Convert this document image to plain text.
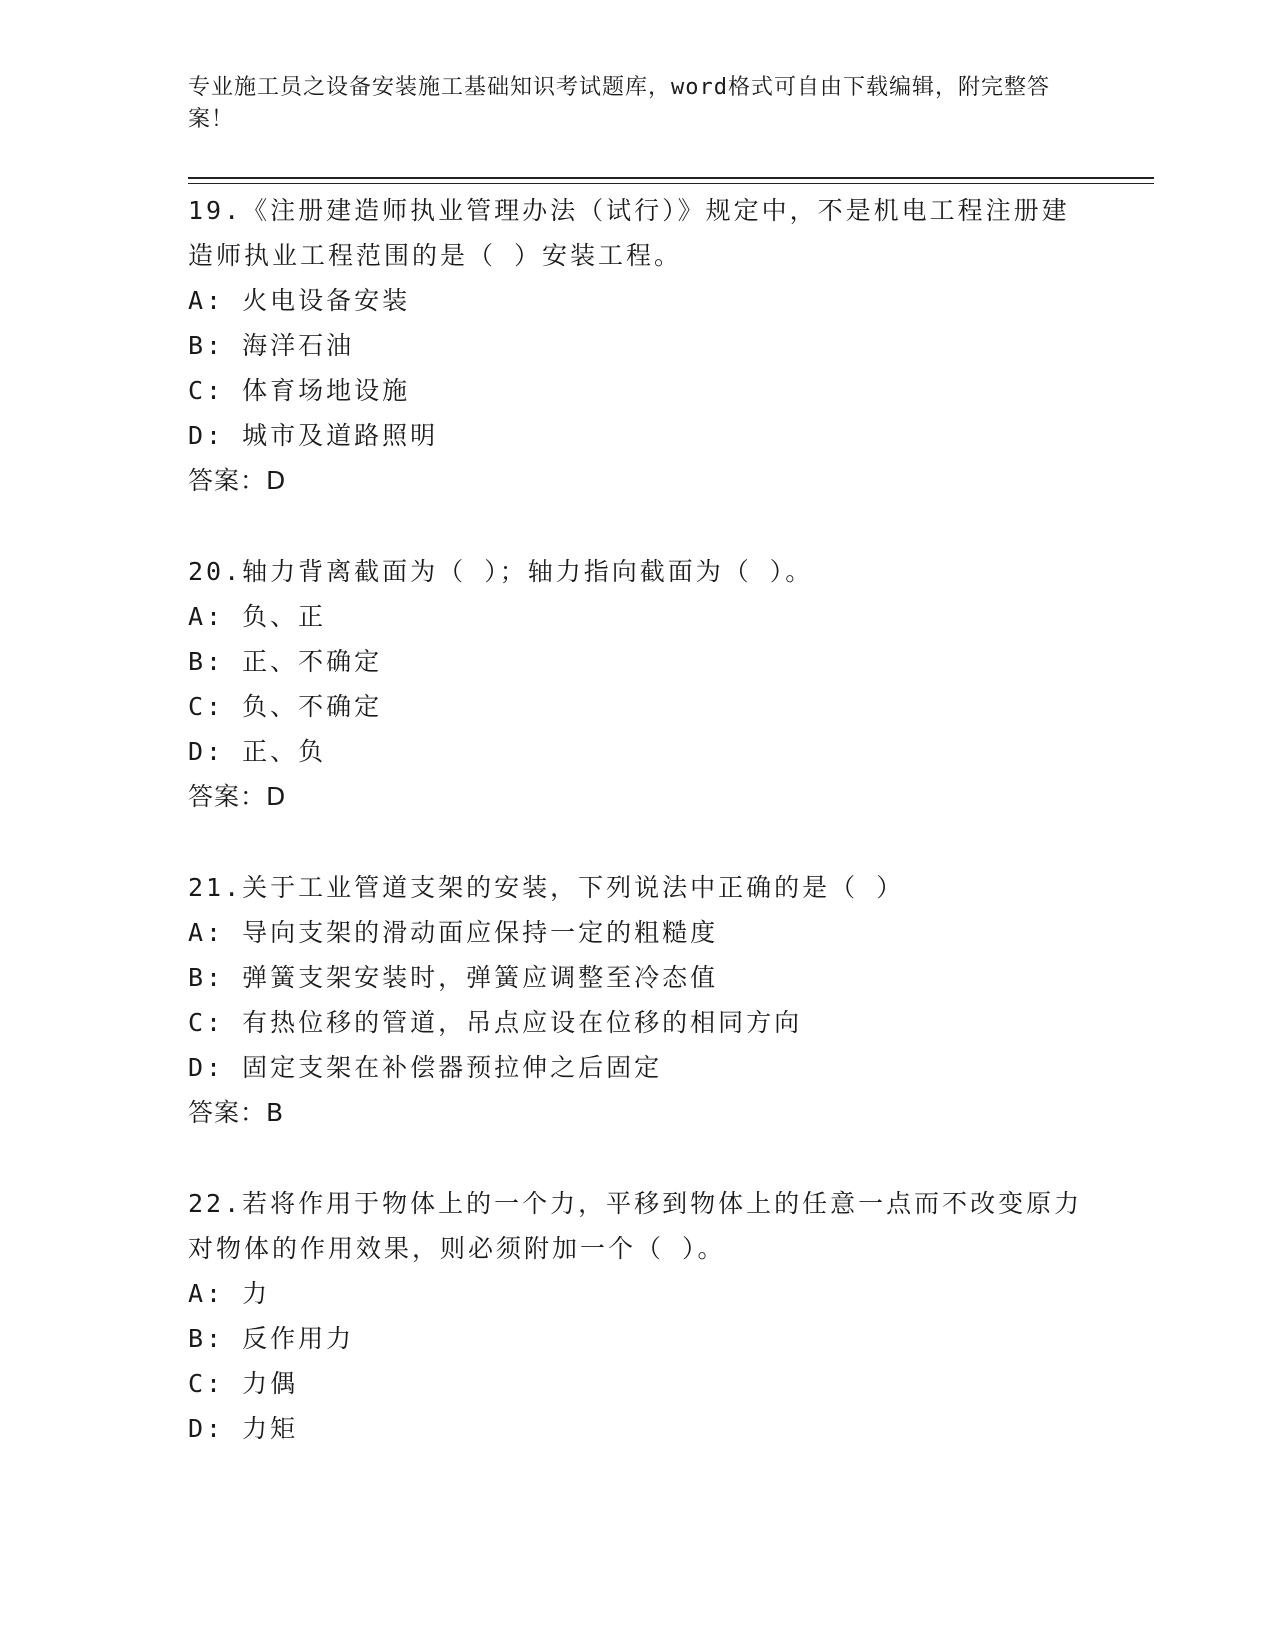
专业施工员之设备安装施工基础知识考试题库，word格式可自由下载编辑，附完整答案！
19.《注册建造师执业管理办法（试行）》规定中，不是机电工程注册建造师执业工程范围的是（ ）安装工程。
A: 火电设备安装
B: 海洋石油
C: 体育场地设施
D: 城市及道路照明
答案：D
20.轴力背离截面为（ ）；轴力指向截面为（ ）。
A: 负、正
B: 正、不确定
C: 负、不确定
D: 正、负
答案：D
21.关于工业管道支架的安装，下列说法中正确的是（ ）
A: 导向支架的滑动面应保持一定的粗糙度
B: 弹簧支架安装时，弹簧应调整至冷态值
C: 有热位移的管道，吊点应设在位移的相同方向
D: 固定支架在补偿器预拉伸之后固定
答案：B
22.若将作用于物体上的一个力，平移到物体上的任意一点而不改变原力对物体的作用效果，则必须附加一个（ ）。
A: 力
B: 反作用力
C: 力偶
D: 力矩
